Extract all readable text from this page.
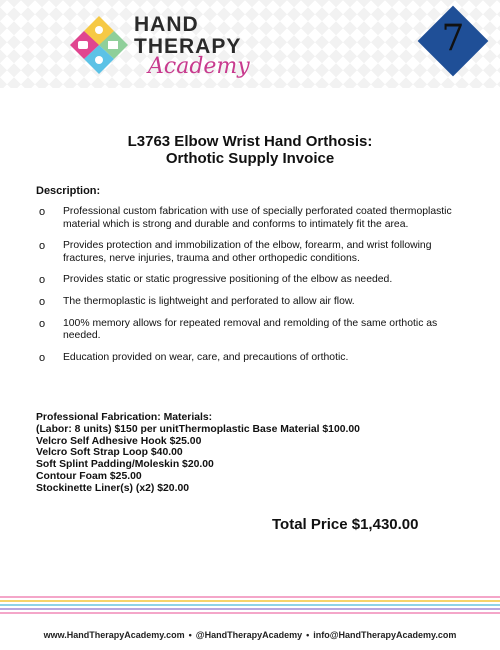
HAND
THERAPY
Academy
7
L3763 Elbow Wrist Hand Orthosis:
Orthotic Supply Invoice
Description:
o Professional custom fabrication with use of specially perforated coated thermoplastic material which is strong and durable and conforms to intimately fit the area.
o Provides protection and immobilization of the elbow, forearm, and wrist following fractures, nerve injuries, trauma and other orthopedic conditions.
o Provides static or static progressive positioning of the elbow as needed.
o The thermoplastic is lightweight and perforated to allow air flow.
o 100% memory allows for repeated removal and remolding of the same orthotic as needed.
o Education provided on wear, care, and precautions of orthotic.
Professional Fabrication: Materials:
(Labor: 8 units) $150 per unitThermoplastic Base Material $100.00
Velcro Self Adhesive Hook $25.00
Velcro Soft Strap Loop $40.00
Soft Splint Padding/Moleskin $20.00
Contour Foam $25.00
Stockinette Liner(s) (x2) $20.00
Total Price $1,430.00
www.HandTherapyAcademy.com • @HandTherapyAcademy • info@HandTherapyAcademy.com
